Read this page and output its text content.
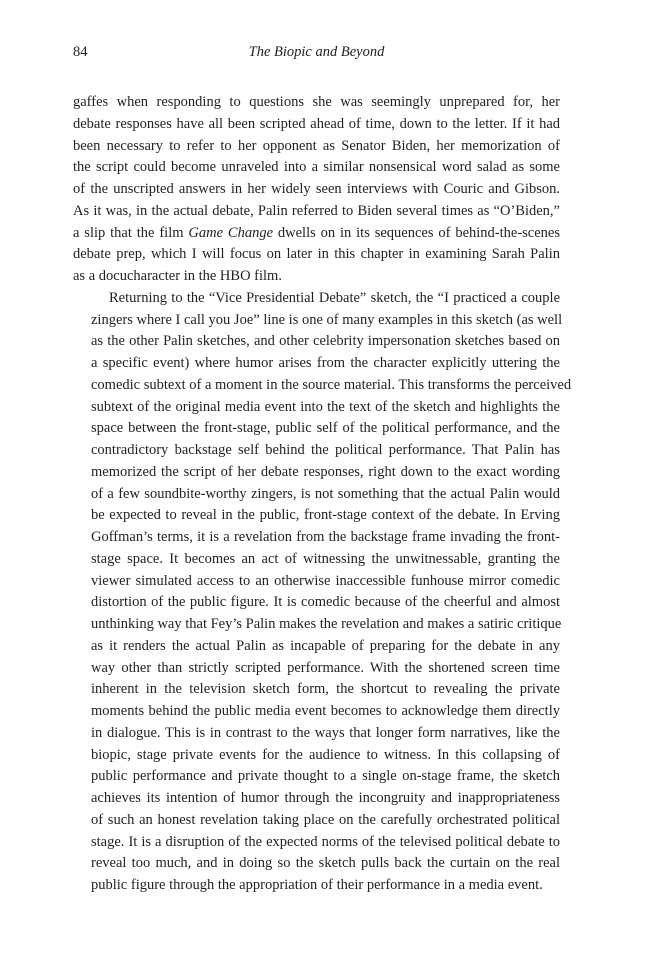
84	The Biopic and Beyond

gaffes when responding to questions she was seemingly unprepared for, her
debate responses have all been scripted ahead of time, down to the letter. If it had
been necessary to refer to her opponent as Senator Biden, her memorization of
the script could become unraveled into a similar nonsensical word salad as some
of the unscripted answers in her widely seen interviews with Couric and Gibson.
As it was, in the actual debate, Palin referred to Biden several times as “O’Biden,”
a slip that the film Game Change dwells on in its sequences of behind-the-scenes
debate prep, which I will focus on later in this chapter in examining Sarah Palin
as a docucharacter in the HBO film.

Returning to the “Vice Presidential Debate” sketch, the “I practiced a couple
zingers where I call you Joe” line is one of many examples in this sketch (as well
as the other Palin sketches, and other celebrity impersonation sketches based on
a specific event) where humor arises from the character explicitly uttering the
comedic subtext of a moment in the source material. This transforms the perceived
subtext of the original media event into the text of the sketch and highlights the
space between the front-stage, public self of the political performance, and the
contradictory backstage self behind the political performance. That Palin has
memorized the script of her debate responses, right down to the exact wording
of a few soundbite-worthy zingers, is not something that the actual Palin would
be expected to reveal in the public, front-stage context of the debate. In Erving
Goffman’s terms, it is a revelation from the backstage frame invading the front-
stage space. It becomes an act of witnessing the unwitnessable, granting the
viewer simulated access to an otherwise inaccessible funhouse mirror comedic
distortion of the public figure. It is comedic because of the cheerful and almost
unthinking way that Fey’s Palin makes the revelation and makes a satiric critique
as it renders the actual Palin as incapable of preparing for the debate in any
way other than strictly scripted performance. With the shortened screen time
inherent in the television sketch form, the shortcut to revealing the private
moments behind the public media event becomes to acknowledge them directly
in dialogue. This is in contrast to the ways that longer form narratives, like the
biopic, stage private events for the audience to witness. In this collapsing of
public performance and private thought to a single on-stage frame, the sketch
achieves its intention of humor through the incongruity and inappropriateness
of such an honest revelation taking place on the carefully orchestrated political
stage. It is a disruption of the expected norms of the televised political debate to
reveal too much, and in doing so the sketch pulls back the curtain on the real
public figure through the appropriation of their performance in a media event.
